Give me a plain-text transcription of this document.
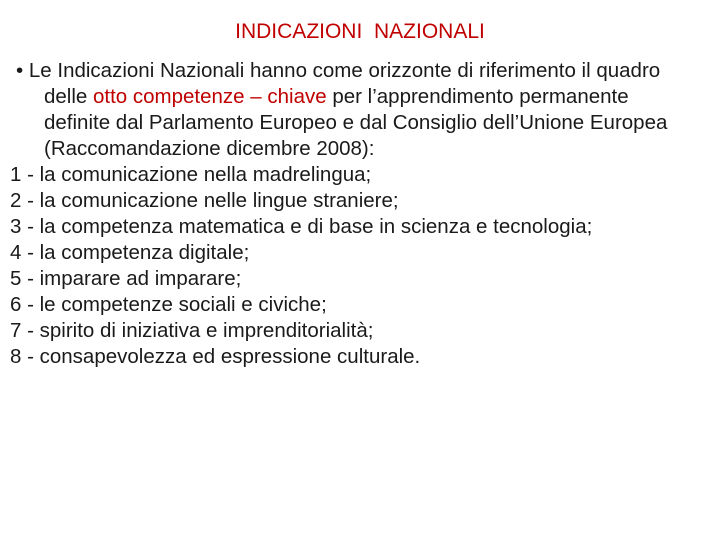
INDICAZIONI  NAZIONALI

• Le Indicazioni Nazionali hanno come orizzonte di riferimento il quadro delle otto competenze – chiave per l’apprendimento permanente definite dal Parlamento Europeo e dal Consiglio dell’Unione Europea (Raccomandazione dicembre 2008):

1 - la comunicazione nella madrelingua;

2 - la comunicazione nelle lingue straniere;

3 - la competenza matematica e di base in scienza e tecnologia;

4 - la competenza digitale;

5 - imparare ad imparare;

6 - le competenze sociali e civiche;

7 - spirito di iniziativa e imprenditorialità;

8 - consapevolezza ed espressione culturale.
